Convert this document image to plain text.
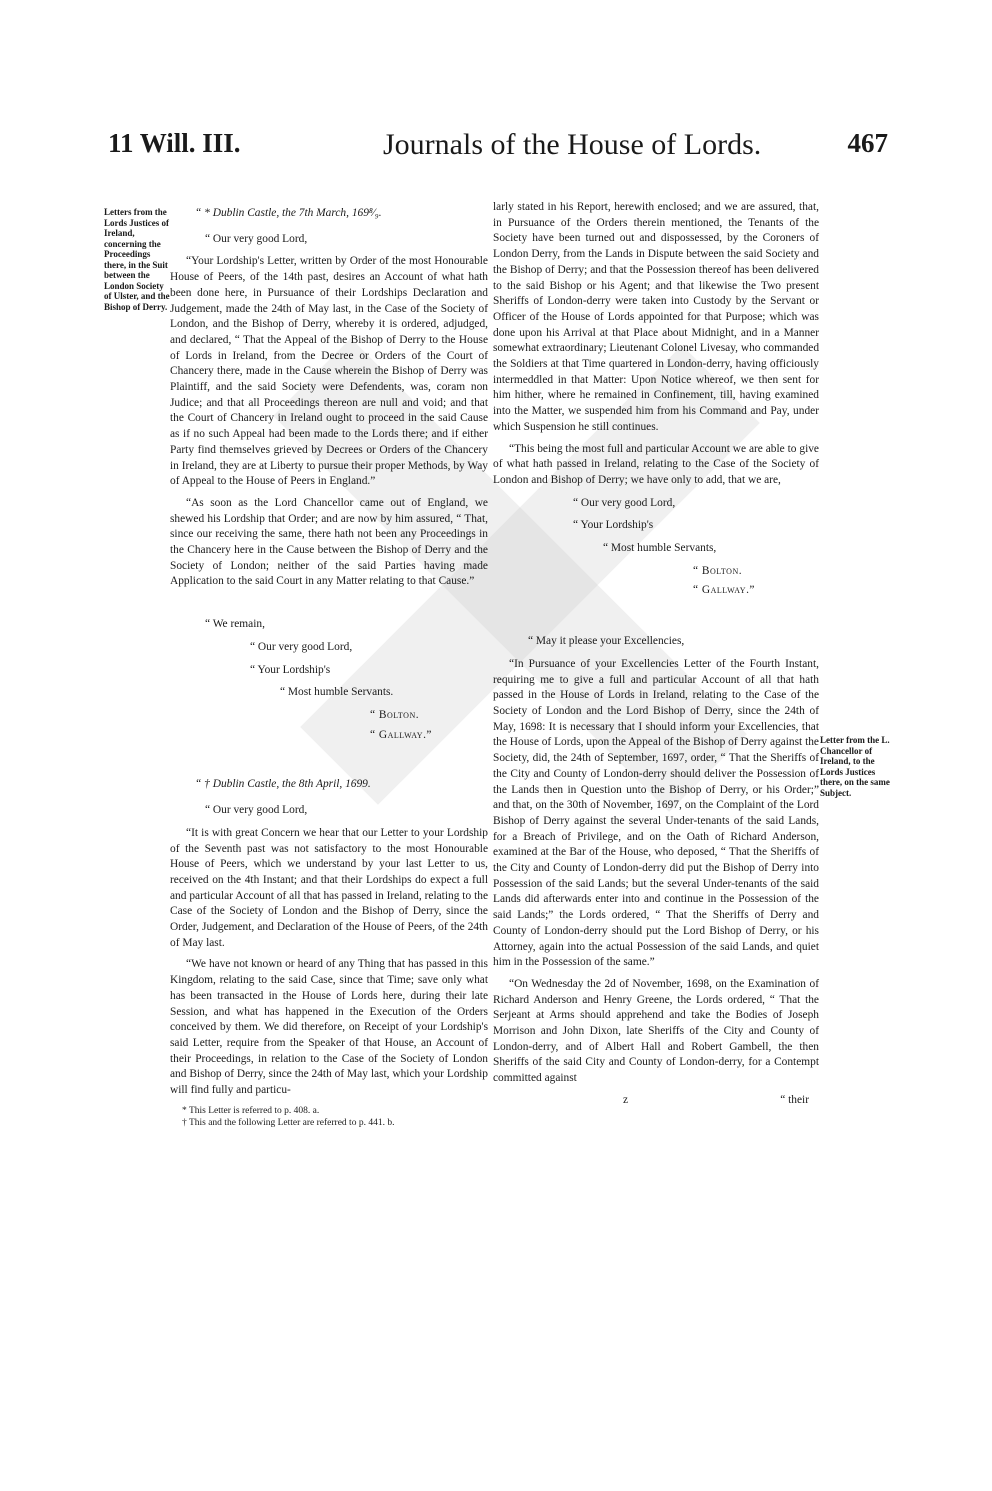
11 Will. III.	Journals of the House of Lords.	467
Letters from the Lords Justices of Ireland, concerning the Proceedings there, in the Suit between the London Society of Ulster, and the Bishop of Derry.
Letter from the L. Chancellor of Ireland, to the Lords Justices there, on the same Subject.
“ * Dublin Castle, the 7th March, 169⁸⁄₉.
“ Our very good Lord,

“ Your Lordship's Letter, written by Order of the most Honourable House of Peers, of the 14th past, desires an Account of what hath been done here, in Pursuance of their Lordships Declaration and Judgement, made the 24th of May last, in the Case of the Society of London, and the Bishop of Derry, whereby it is ordered, adjudged, and declared, “ That the Appeal of the Bishop of Derry to the House of Lords in Ireland, from the Decree or Orders of the Court of Chancery there, made in the Cause wherein the Bishop of Derry was Plaintiff, and the said Society were Defendents, was, coram non Judice; and that all Proceedings thereon are null and void; and that the Court of Chancery in Ireland ought to proceed in the said Cause as if no such Appeal had been made to the Lords there; and if either Party find themselves grieved by Decrees or Orders of the Chancery in Ireland, they are at Liberty to pursue their proper Methods, by Way of Appeal to the House of Peers in England.”

“ As soon as the Lord Chancellor came out of England, we shewed his Lordship that Order; and are now by him assured, “ That, since our receiving the same, there hath not been any Proceedings in the Chancery here in the Cause between the Bishop of Derry and the Society of London; neither of the said Parties having made Application to the said Court in any Matter relating to that Cause.”

“ We remain,
“ Our very good Lord,
“ Your Lordship's
“ Most humble Servants.
“ Bolton.
“ Gallway.”
“ † Dublin Castle, the 8th April, 1699.
“ Our very good Lord,

“ It is with great Concern we hear that our Letter to your Lordship of the Seventh past was not satisfactory to the most Honourable House of Peers, which we understand by your last Letter to us, received on the 4th Instant; and that their Lordships do expect a full and particular Account of all that has passed in Ireland, relating to the Case of the Society of London and the Bishop of Derry, since the Order, Judgement, and Declaration of the House of Peers, of the 24th of May last.

“ We have not known or heard of any Thing that has passed in this Kingdom, relating to the said Case, since that Time; save only what has been transacted in the House of Lords here, during their late Session, and what has happened in the Execution of the Orders conceived by them. We did therefore, on Receipt of your Lordship's said Letter, require from the Speaker of that House, an Account of their Proceedings, in relation to the Case of the Society of London and Bishop of Derry, since the 24th of May last, which your Lordship will find fully and particu-

* This Letter is referred to p. 408. a.
† This and the following Letter are referred to p. 441. b.

larly stated in his Report, herewith enclosed; and we are assured, that, in Pursuance of the Orders therein mentioned, the Tenants of the Society have been turned out and dispossessed, by the Coroners of London Derry, from the Lands in Dispute between the said Society and the Bishop of Derry; and that the Possession thereof has been delivered to the said Bishop or his Agent; and that likewise the Two present Sheriffs of London-derry were taken into Custody by the Servant or Officer of the House of Lords appointed for that Purpose; which was done upon his Arrival at that Place about Midnight, and in a Manner somewhat extraordinary; Lieutenant Colonel Livesay, who commanded the Soldiers at that Time quartered in London-derry, having officiously intermeddled in that Matter: Upon Notice whereof, we then sent for him hither, where he remained in Confinement, till, having examined into the Matter, we suspended him from his Command and Pay, under which Suspension he still continues.

“ This being the most full and particular Account we are able to give of what hath passed in Ireland, relating to the Case of the Society of London and Bishop of Derry; we have only to add, that we are,

“ Our very good Lord,
“ Your Lordship's
“ Most humble Servants,
“ Bolton.
“ Gallway.”
“ May it please your Excellencies,

“ In Pursuance of your Excellencies Letter of the Fourth Instant, requiring me to give a full and particular Account of all that hath passed in the House of Lords in Ireland, relating to the Case of the Society of London and the Lord Bishop of Derry, since the 24th of May, 1698: It is necessary that I should inform your Excellencies, that the House of Lords, upon the Appeal of the Bishop of Derry against the Society, did, the 24th of September, 1697, order, “ That the Sheriffs of the City and County of London-derry should deliver the Possession of the Lands then in Question unto the Bishop of Derry, or his Order;” and that, on the 30th of November, 1697, on the Complaint of the Lord Bishop of Derry against the several Under-tenants of the said Lands, for a Breach of Privilege, and on the Oath of Richard Anderson, examined at the Bar of the House, who deposed, “ That the Sheriffs of the City and County of London-derry did put the Bishop of Derry into Possession of the said Lands; but the several Under-tenants of the said Lands did afterwards enter into and continue in the Possession of the said Lands;” the Lords ordered, “ That the Sheriffs of Derry and County of London-derry should put the Lord Bishop of Derry, or his Attorney, again into the actual Possession of the said Lands, and quiet him in the Possession of the same.”

“ On Wednesday the 2d of November, 1698, on the Examination of Richard Anderson and Henry Greene, the Lords ordered, “ That the Serjeant at Arms should apprehend and take the Bodies of Joseph Morrison and John Dixon, late Sheriffs of the City and County of London-derry, and of Albert Hall and Robert Gambell, the then Sheriffs of the said City and County of London-derry, for a Contempt committed against

z	“ their
